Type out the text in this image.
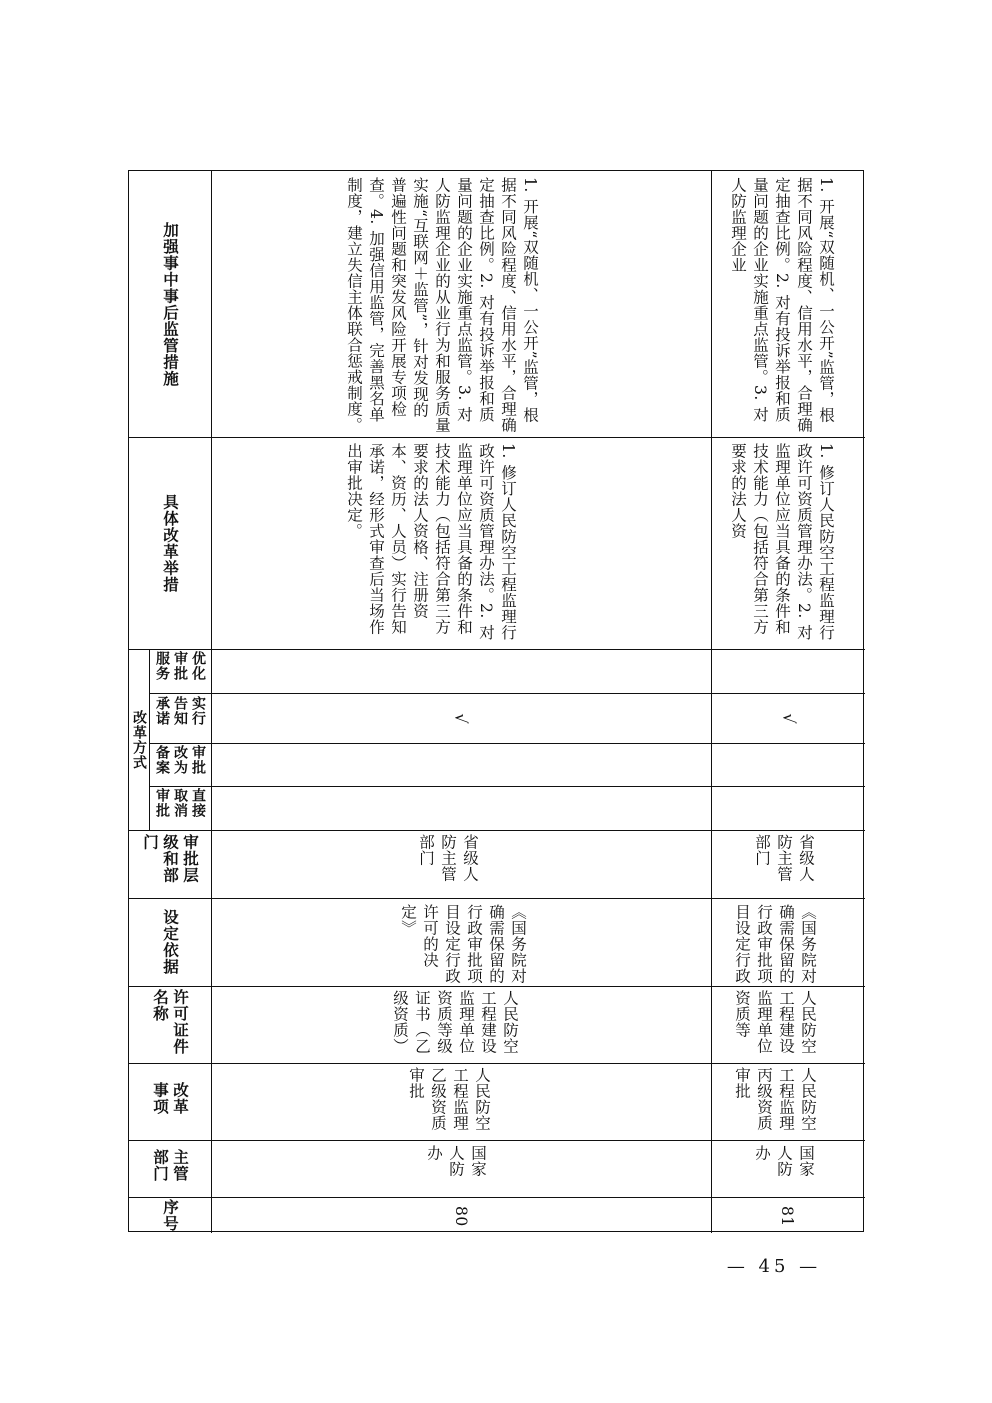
加强事中事后监管措施
具体改革举措
改革方式
优化审批服务
实行告知承诺
审批改为备案
直接取消审批
审批层级和部门
设定依据
许可证件名称
改革事项
主管部门
序号
1. 开展“双随机、一公开”监管，根据不同风险程度、信用水平，合理确定抽查比例。2. 对有投诉举报和质量问题的企业实施重点监管。3. 对人防监理企业的从业行为和服务质量实施“互联网＋监管”，针对发现的普遍性问题和突发风险开展专项检查。4. 加强信用监管，完善黑名单制度，建立失信主体联合惩戒制度。
1. 修订人民防空工程监理行政许可资质管理办法。2. 对监理单位应当具备的条件和技术能力（包括符合第三方要求的法人资格、注册资本、资历、人员）实行告知承诺，经形式审查后当场作出审批决定。
√
省级人防主管部门
《国务院对确需保留的行政审批项目设定行政许可的决定》
人民防空工程建设监理单位资质等级证书（乙级资质）
人民防空工程监理乙级资质审批
国家人防办
80
1. 开展“双随机、一公开”监管，根据不同风险程度、信用水平，合理确定抽查比例。2. 对有投诉举报和质量问题的企业实施重点监管。3. 对人防监理企业
1. 修订人民防空工程监理行政许可资质管理办法。2. 对监理单位应当具备的条件和技术能力（包括符合第三方要求的法人资
√
省级人防主管部门
《国务院对确需保留的行政审批项目设定行政
人民防空工程建设监理单位资质等
人民防空工程监理丙级资质审批
国家人防办
81
— 45 —
